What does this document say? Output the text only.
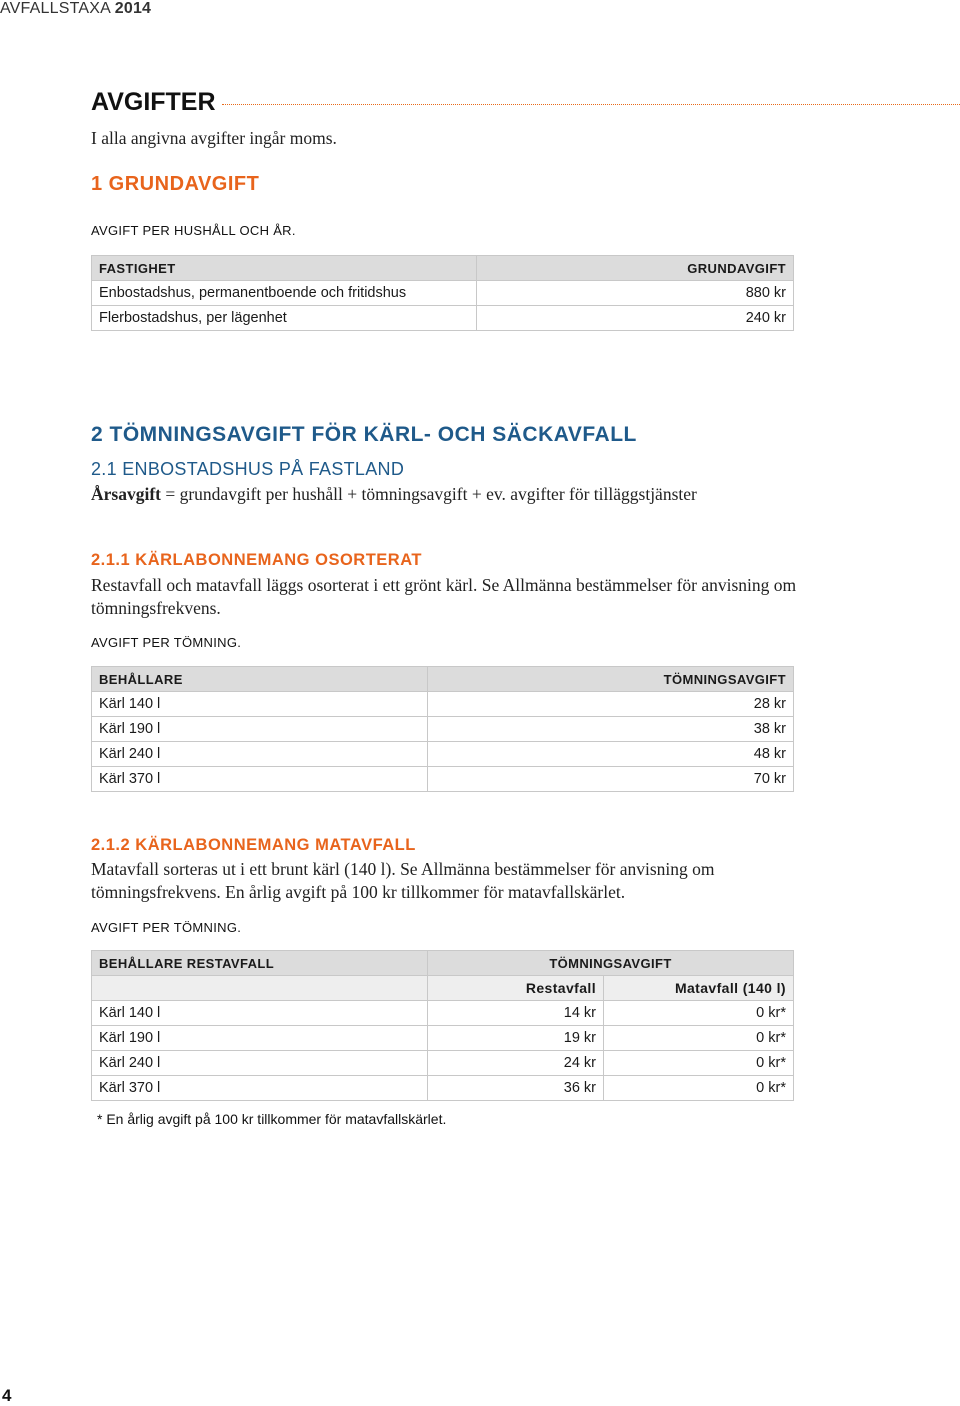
AVFALLSTAXA 2014
AVGIFTER
I alla angivna avgifter ingår moms.
1 GRUNDAVGIFT
AVGIFT PER HUSHÅLL OCH ÅR.
FASTIGHET	GRUNDAVGIFT
Enbostadshus, permanentboende och fritidshus	880 kr
Flerbostadshus, per lägenhet	240 kr
2 TÖMNINGSAVGIFT FÖR KÄRL- OCH SÄCKAVFALL
2.1 ENBOSTADSHUS PÅ FASTLAND
Årsavgift = grundavgift per hushåll + tömningsavgift + ev. avgifter för tilläggstjänster
2.1.1 KÄRLABONNEMANG OSORTERAT
Restavfall och matavfall läggs osorterat i ett grönt kärl. Se Allmänna bestämmelser för anvisning om tömningsfrekvens.
AVGIFT PER TÖMNING.
BEHÅLLARE	TÖMNINGSAVGIFT
Kärl 140 l	28 kr
Kärl 190 l	38 kr
Kärl 240 l	48 kr
Kärl 370 l	70 kr
2.1.2 KÄRLABONNEMANG MATAVFALL
Matavfall sorteras ut i ett brunt kärl (140 l). Se Allmänna bestämmelser för anvisning om tömningsfrekvens. En årlig avgift på 100 kr tillkommer för matavfallskärlet.
AVGIFT PER TÖMNING.
BEHÅLLARE RESTAVFALL	TÖMNINGSAVGIFT	
	Restavfall	Matavfall (140 l)
Kärl 140 l	14 kr	0 kr*
Kärl 190 l	19 kr	0 kr*
Kärl 240 l	24 kr	0 kr*
Kärl 370 l	36 kr	0 kr*
* En årlig avgift på 100 kr tillkommer för matavfallskärlet.
4
